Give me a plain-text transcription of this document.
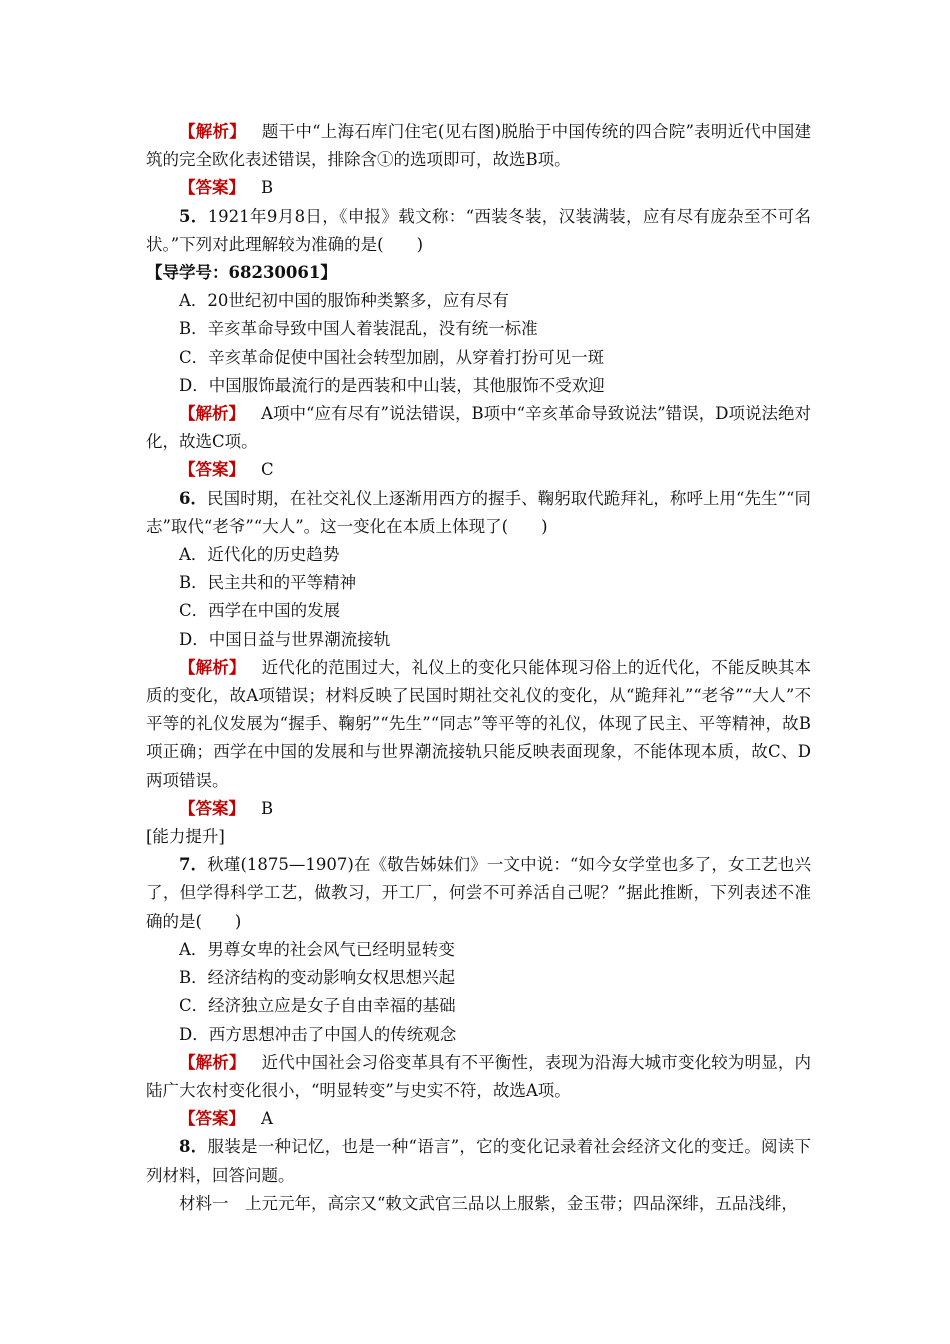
【解析】 题干中“上海石库门住宅(见右图)脱胎于中国传统的四合院”表明近代中国建筑的完全欧化表述错误，排除含①的选项即可，故选B项。

【答案】 B

5．1921年9月8日，《申报》载文称：“西装冬装，汉装满装，应有尽有庞杂至不可名状。”下列对此理解较为准确的是(　　)

【导学号：68230061】

A．20世纪初中国的服饰种类繁多，应有尽有

B．辛亥革命导致中国人着装混乱，没有统一标准

C．辛亥革命促使中国社会转型加剧，从穿着打扮可见一斑

D．中国服饰最流行的是西装和中山装，其他服饰不受欢迎

【解析】 A项中“应有尽有”说法错误，B项中“辛亥革命导致说法”错误，D项说法绝对化，故选C项。

【答案】 C

6．民国时期，在社交礼仪上逐渐用西方的握手、鞠躬取代跪拜礼，称呼上用“先生”“同志”取代“老爷”“大人”。这一变化在本质上体现了(　　)

A．近代化的历史趋势

B．民主共和的平等精神

C．西学在中国的发展

D．中国日益与世界潮流接轨

【解析】 近代化的范围过大，礼仪上的变化只能体现习俗上的近代化，不能反映其本质的变化，故A项错误；材料反映了民国时期社交礼仪的变化，从“跪拜礼”“老爷”“大人”不平等的礼仪发展为“握手、鞠躬”“先生”“同志”等平等的礼仪，体现了民主、平等精神，故B项正确；西学在中国的发展和与世界潮流接轨只能反映表面现象，不能体现本质，故C、D两项错误。

【答案】 B

[能力提升]

7．秋瑾(1875—1907)在《敬告姊妹们》一文中说：“如今女学堂也多了，女工艺也兴了，但学得科学工艺，做教习，开工厂，何尝不可养活自己呢？”据此推断，下列表述不准确的是(　　)

A．男尊女卑的社会风气已经明显转变

B．经济结构的变动影响女权思想兴起

C．经济独立应是女子自由幸福的基础

D．西方思想冲击了中国人的传统观念

【解析】 近代中国社会习俗变革具有不平衡性，表现为沿海大城市变化较为明显，内陆广大农村变化很小，“明显转变”与史实不符，故选A项。

【答案】 A

8．服装是一种记忆，也是一种“语言”，它的变化记录着社会经济文化的变迁。阅读下列材料，回答问题。

材料一　上元元年，高宗又“敕文武官三品以上服紫，金玉带；四品深绯，五品浅绯，
